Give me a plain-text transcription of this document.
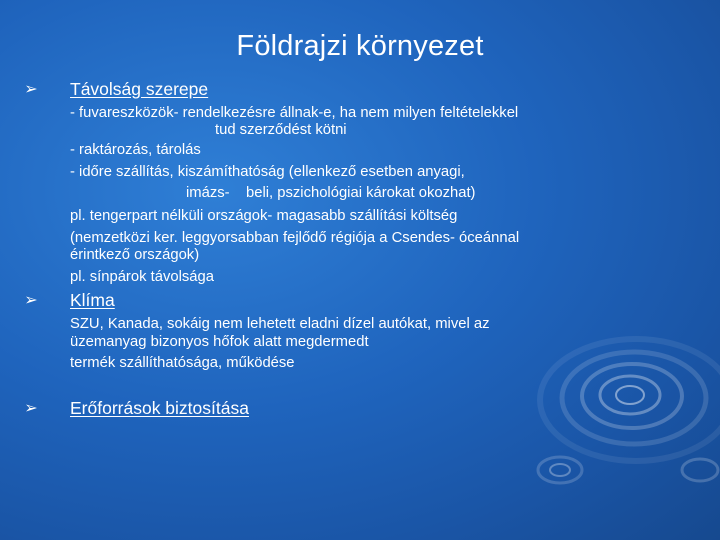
Földrajzi környezet
➢ Távolság szerepe
- fuvareszközök- rendelkezésre állnak-e, ha nem milyen feltételekkel
tud szerződést kötni
- raktározás, tárolás
- időre szállítás, kiszámíthatóság (ellenkező esetben anyagi,
imázs-    beli, pszichológiai károkat okozhat)
pl. tengerpart nélküli országok- magasabb szállítási költség
(nemzetközi ker. leggyorsabban fejlődő régiója a Csendes- óceánnal
érintkező országok)
pl. sínpárok távolsága
➢ Klíma
SZU, Kanada, sokáig nem lehetett eladni dízel autókat, mivel az
üzemanyag bizonyos hőfok alatt megdermedt
termék szállíthatósága, működése
➢ Erőforrások biztosítása
